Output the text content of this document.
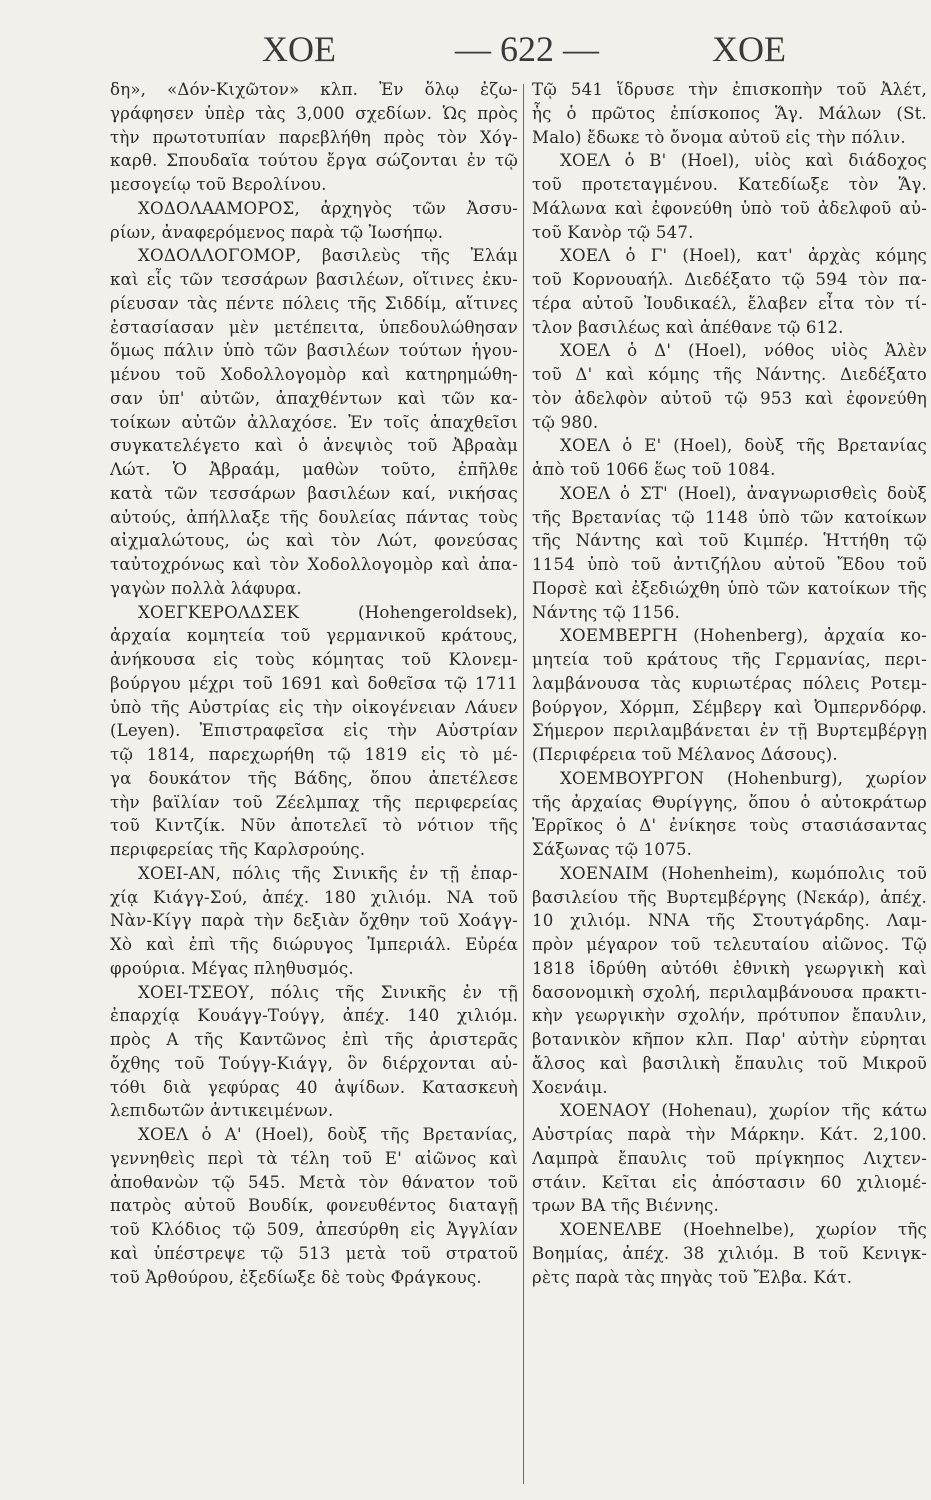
ΧΟΕ	— 622 —	ΧΟΕ
δη», «Δόν-Κιχῶτον» κλπ. Ἐν ὅλῳ ἐζω-
γράφησεν ὑπὲρ τὰς 3,000 σχεδίων. Ὡς πρὸς
τὴν πρωτοτυπίαν παρεβλήθη πρὸς τὸν Χόγ-
καρθ. Σπουδαῖα τούτου ἔργα σώζονται ἐν τῷ
μεσογείῳ τοῦ Βερολίνου.
ΧΟΔΟΛΑΑΜΟΡΟΣ, ἀρχηγὸς τῶν Ἀσσυ-
ρίων, ἀναφερόμενος παρὰ τῷ Ἰωσήπῳ.
ΧΟΔΟΛΛΟΓΟΜΟΡ, βασιλεὺς τῆς Ἐλάμ
καὶ εἷς τῶν τεσσάρων βασιλέων, οἵτινες ἐκυ-
ρίευσαν τὰς πέντε πόλεις τῆς Σιδδίμ, αἵτινες
ἐστασίασαν μὲν μετέπειτα, ὑπεδουλώθησαν
ὅμως πάλιν ὑπὸ τῶν βασιλέων τούτων ἡγου-
μένου τοῦ Χοδολλογομὸρ καὶ κατηρημώθη-
σαν ὑπ' αὐτῶν, ἀπαχθέντων καὶ τῶν κα-
τοίκων αὐτῶν ἀλλαχόσε. Ἐν τοῖς ἀπαχθεῖσι
συγκατελέγετο καὶ ὁ ἀνεψιὸς τοῦ Ἀβραὰμ
Λώτ. Ὁ Ἀβραάμ, μαθὼν τοῦτο, ἐπῆλθε
κατὰ τῶν τεσσάρων βασιλέων καί, νικήσας
αὐτούς, ἀπήλλαξε τῆς δουλείας πάντας τοὺς
αἰχμαλώτους, ὡς καὶ τὸν Λώτ, φονεύσας
ταὐτοχρόνως καὶ τὸν Χοδολλογομὸρ καὶ ἀπα-
γαγὼν πολλὰ λάφυρα.
ΧΟΕΓΚΕΡΟΛΔΣΕΚ (Hohengeroldsek),
ἀρχαία κομητεία τοῦ γερμανικοῦ κράτους,
ἀνήκουσα εἰς τοὺς κόμητας τοῦ Κλονεμ-
βούργου μέχρι τοῦ 1691 καὶ δοθεῖσα τῷ 1711
ὑπὸ τῆς Αὐστρίας εἰς τὴν οἰκογένειαν Λάυεν
(Leyen). Ἐπιστραφεῖσα εἰς τὴν Αὐστρίαν
τῷ 1814, παρεχωρήθη τῷ 1819 εἰς τὸ μέ-
γα δουκάτον τῆς Βάδης, ὅπου ἀπετέλεσε
τὴν βαϊλίαν τοῦ Ζέελμπαχ τῆς περιφερείας
τοῦ Κιντζίκ. Νῦν ἀποτελεῖ τὸ νότιον τῆς
περιφερείας τῆς Καρλσρούης.
ΧΟΕΙ-ΑΝ, πόλις τῆς Σινικῆς ἐν τῇ ἐπαρ-
χίᾳ Κιάγγ-Σού, ἀπέχ. 180 χιλιόμ. ΝΑ τοῦ
Νὰν-Κίγγ παρὰ τὴν δεξιὰν ὄχθην τοῦ Χοάγγ-
Χὸ καὶ ἐπὶ τῆς διώρυγος Ἰμπεριάλ. Εὐρέα
φρούρια. Μέγας πληθυσμός.
ΧΟΕΙ-ΤΣΕΟΥ, πόλις τῆς Σινικῆς ἐν τῇ
ἐπαρχίᾳ Κουάγγ-Τούγγ, ἀπέχ. 140 χιλιόμ.
πρὸς Α τῆς Καντῶνος ἐπὶ τῆς ἀριστερᾶς
ὄχθης τοῦ Τούγγ-Κιάγγ, ὃν διέρχονται αὐ-
τόθι διὰ γεφύρας 40 ἀψίδων. Κατασκευὴ
λεπιδωτῶν ἀντικειμένων.
ΧΟΕΛ ὁ Α' (Hoel), δοὺξ τῆς Βρετανίας,
γεννηθεὶς περὶ τὰ τέλη τοῦ Ε' αἰῶνος καὶ
ἀποθανὼν τῷ 545. Μετὰ τὸν θάνατον τοῦ
πατρὸς αὐτοῦ Βουδίκ, φονευθέντος διαταγῇ
τοῦ Κλόδιος τῷ 509, ἀπεσύρθη εἰς Ἀγγλίαν
καὶ ὑπέστρεψε τῷ 513 μετὰ τοῦ στρατοῦ
τοῦ Ἀρθούρου, ἐξεδίωξε δὲ τοὺς Φράγκους.
Τῷ 541 ἵδρυσε τὴν ἐπισκοπὴν τοῦ Ἀλέτ,
ἧς ὁ πρῶτος ἐπίσκοπος Ἅγ. Μάλων (St.
Malo) ἔδωκε τὸ ὄνομα αὐτοῦ εἰς τὴν πόλιν.
ΧΟΕΛ ὁ Β' (Hoel), υἱὸς καὶ διάδοχος
τοῦ προτεταγμένου. Κατεδίωξε τὸν Ἅγ.
Μάλωνα καὶ ἐφονεύθη ὑπὸ τοῦ ἀδελφοῦ αὐ-
τοῦ Κανὸρ τῷ 547.
ΧΟΕΛ ὁ Γ' (Hoel), κατ' ἀρχὰς κόμης
τοῦ Κορνουαήλ. Διεδέξατο τῷ 594 τὸν πα-
τέρα αὐτοῦ Ἰουδικαέλ, ἔλαβεν εἶτα τὸν τί-
τλον βασιλέως καὶ ἀπέθανε τῷ 612.
ΧΟΕΛ ὁ Δ' (Hoel), νόθος υἱὸς Ἀλὲν
τοῦ Δ' καὶ κόμης τῆς Νάντης. Διεδέξατο
τὸν ἀδελφὸν αὐτοῦ τῷ 953 καὶ ἐφονεύθη
τῷ 980.
ΧΟΕΛ ὁ Ε' (Hoel), δοὺξ τῆς Βρετανίας
ἀπὸ τοῦ 1066 ἕως τοῦ 1084.
ΧΟΕΛ ὁ ΣΤ' (Hoel), ἀναγνωρισθεὶς δοὺξ
τῆς Βρετανίας τῷ 1148 ὑπὸ τῶν κατοίκων
τῆς Νάντης καὶ τοῦ Κιμπέρ. Ἡττήθη τῷ
1154 ὑπὸ τοῦ ἀντιζήλου αὐτοῦ Ἔδου τοῦ
Πορσὲ καὶ ἐξεδιώχθη ὑπὸ τῶν κατοίκων τῆς
Νάντης τῷ 1156.
ΧΟΕΜΒΕΡΓΗ (Hohenberg), ἀρχαία κο-
μητεία τοῦ κράτους τῆς Γερμανίας, περι-
λαμβάνουσα τὰς κυριωτέρας πόλεις Ροτεμ-
βούργον, Χόρμπ, Σέμβεργ καὶ Ὀμπερνδόρφ.
Σήμερον περιλαμβάνεται ἐν τῇ Βυρτεμβέργῃ
(Περιφέρεια τοῦ Μέλανος Δάσους).
ΧΟΕΜΒΟΥΡΓΟΝ (Hohenburg), χωρίον
τῆς ἀρχαίας Θυρίγγης, ὅπου ὁ αὐτοκράτωρ
Ἐρρῖκος ὁ Δ' ἐνίκησε τοὺς στασιάσαντας
Σάξωνας τῷ 1075.
ΧΟΕΝΑΙΜ (Hohenheim), κωμόπολις τοῦ
βασιλείου τῆς Βυρτεμβέργης (Νεκάρ), ἀπέχ.
10 χιλιόμ. ΝΝΑ τῆς Στουτγάρδης. Λαμ-
πρὸν μέγαρον τοῦ τελευταίου αἰῶνος. Τῷ
1818 ἱδρύθη αὐτόθι ἐθνικὴ γεωργικὴ καὶ
δασονομικὴ σχολή, περιλαμβάνουσα πρακτι-
κὴν γεωργικὴν σχολήν, πρότυπον ἔπαυλιν,
βοτανικὸν κῆπον κλπ. Παρ' αὐτὴν εὑρηται
ἄλσος καὶ βασιλικὴ ἔπαυλις τοῦ Μικροῦ
Χοενάιμ.
ΧΟΕΝΑΟΥ (Hohenau), χωρίον τῆς κάτω
Αὐστρίας παρὰ τὴν Μάρκην. Κάτ. 2,100.
Λαμπρὰ ἔπαυλις τοῦ πρίγκηπος Λιχτεν-
στάιν. Κεῖται εἰς ἀπόστασιν 60 χιλιομέ-
τρων ΒΑ τῆς Βιέννης.
ΧΟΕΝΕΛΒΕ (Hoehnelbe), χωρίον τῆς
Βοημίας, ἀπέχ. 38 χιλιόμ. Β τοῦ Κενιγκ-
ρὲτς παρὰ τὰς πηγὰς τοῦ Ἔλβα. Κάτ.
